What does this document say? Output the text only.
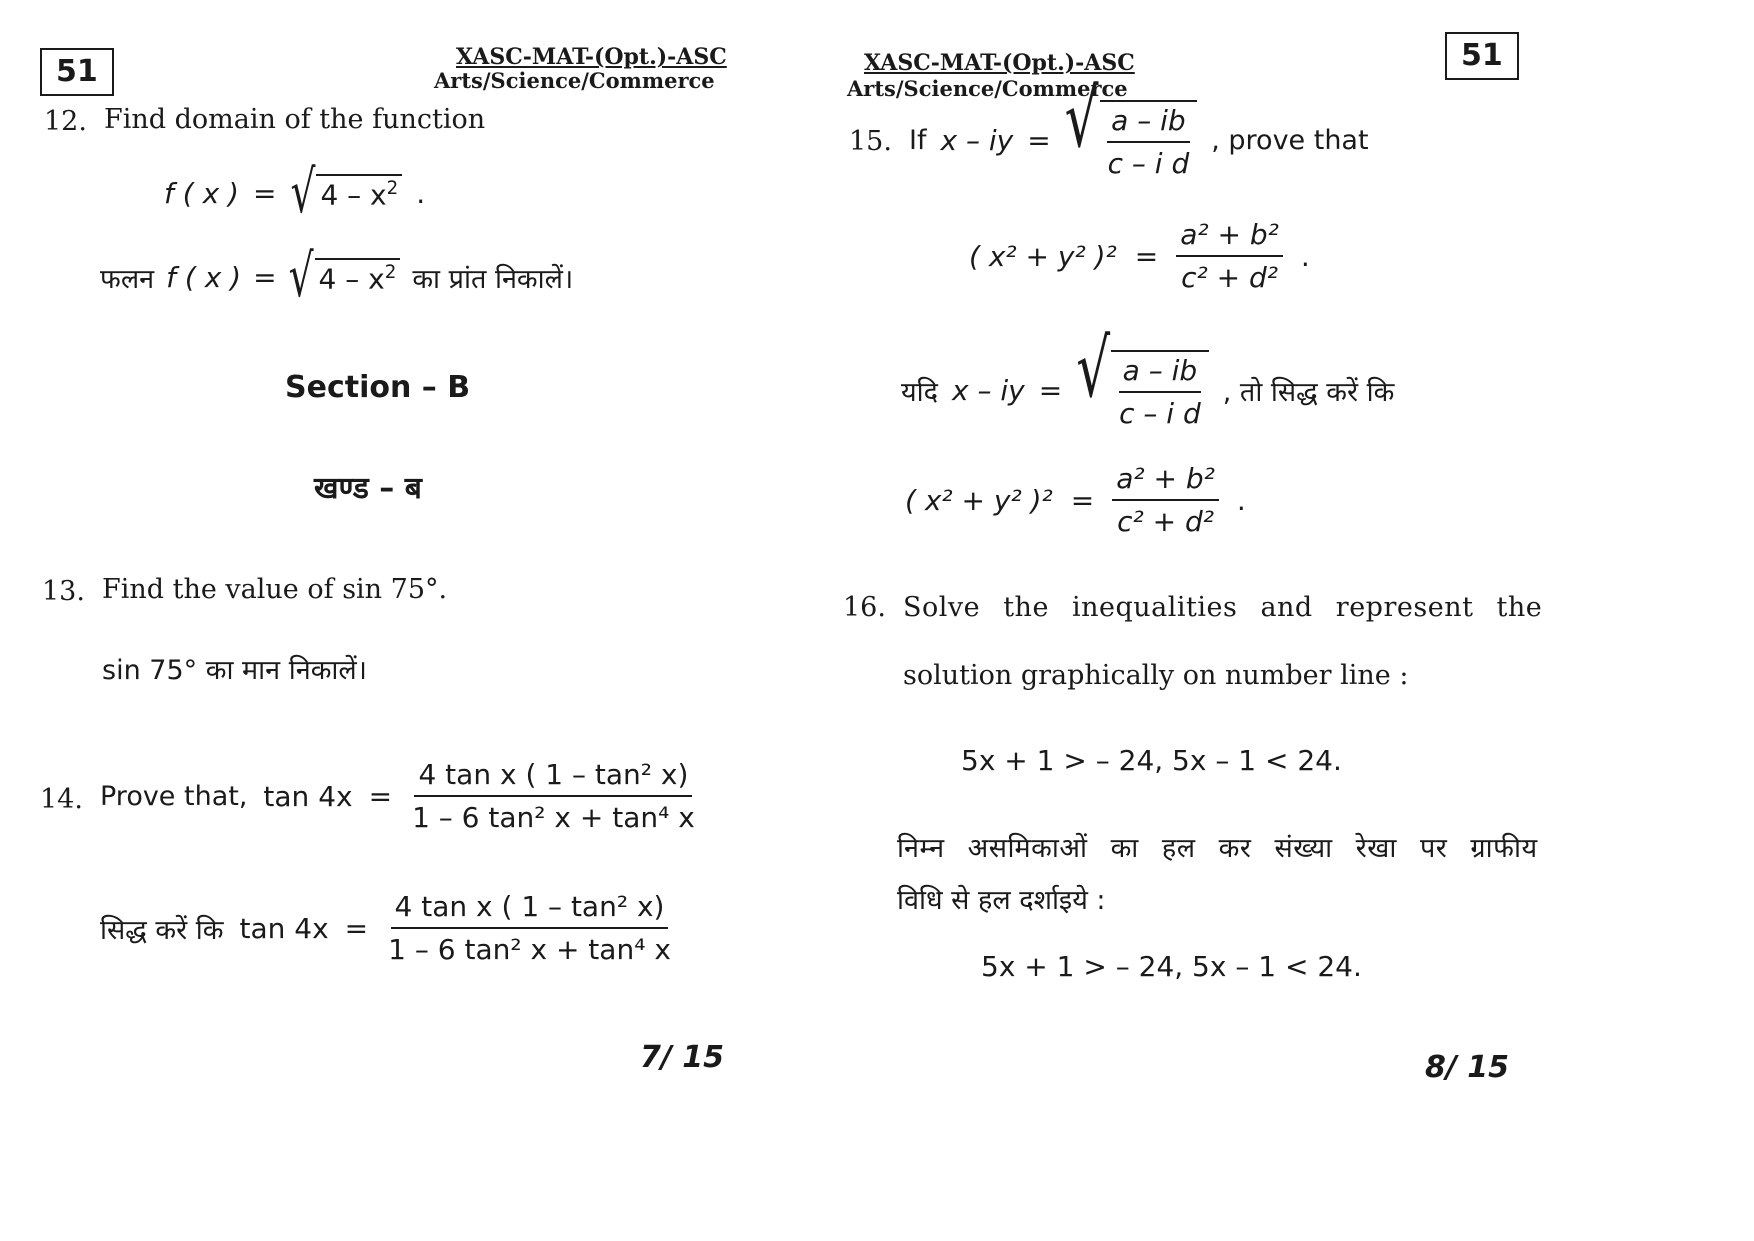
51	XASC-MAT-(Opt.)-ASC
Arts/Science/Commerce
12. Find domain of the function
f ( x ) = √ $4 - x^2$ .
फलन f ( x ) = √ $4 - x^2$ का प्रांत निकालें।
Section – B
खण्ड – ब
13. Find the value of sin 75°.
sin 75° का मान निकालें।
14. Prove that, $\tan 4x = \frac{\text{4 tan x ( 1 – tan² x)}}{\text{1 – 6 tan² x + tan⁴ x}}$
सिद्ध करें कि $\tan 4x = \frac{\text{4 tan x ( 1 – tan² x)}}{\text{1 – 6 tan² x + tan⁴ x}}$
7/ 15
51
XASC-MAT-(Opt.)-ASC
Arts/Science/Commerce
15. If x – iy = √ $\frac{a - ib}{\text{c – i d}}$ , prove that
( x² + y² )$^2 = \frac{\text{a² + b²}}{\text{c² + d²}}$ .
यदि x – iy = √ $\frac{a - ib}{\text{c – i d}}$ , तो सिद्ध करें कि
( x² + y² )$^2 = \frac{\text{a² + b²}}{\text{c² + d²}}$ .
16. Solve the inequalities and represent the
solution graphically on number line :
5x + 1 > – 24, 5x – 1 < 24.
निम्न असमिकाओं का हल कर संख्या रेखा पर ग्राफीय
विधि से हल दर्शाइये :
5x + 1 > – 24, 5x – 1 < 24.
8/ 15
